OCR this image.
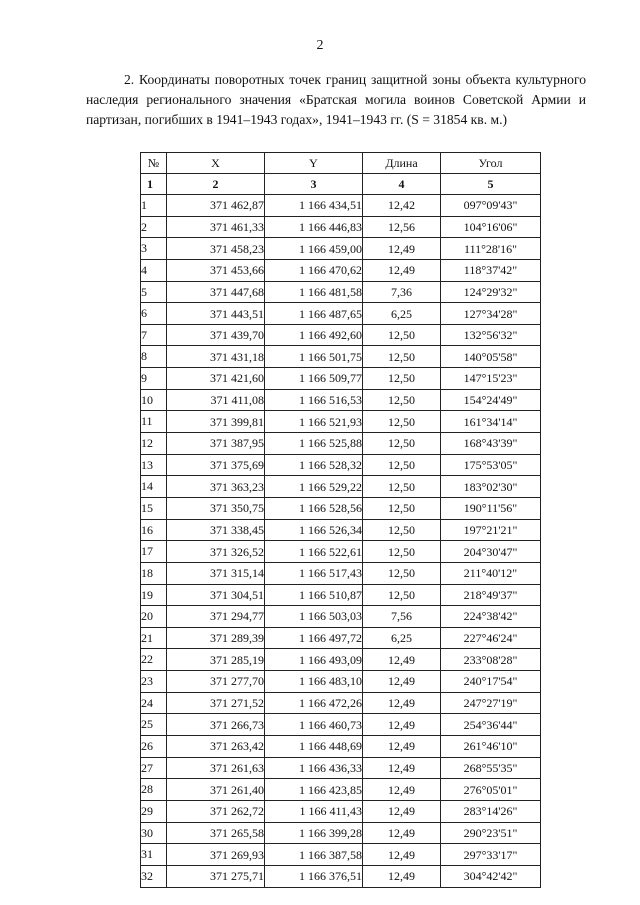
2

2. Координаты поворотных точек границ защитной зоны объекта культурного наследия регионального значения «Братская могила воинов Советской Армии и партизан, погибших в 1941–1943 годах», 1941–1943 гг. (S = 31854 кв. м.)

№	X	Y	Длина	Угол
1	2	3	4	5
1	371 462,87	1 166 434,51	12,42	097°09'43"
2	371 461,33	1 166 446,83	12,56	104°16'06"
3	371 458,23	1 166 459,00	12,49	111°28'16"
4	371 453,66	1 166 470,62	12,49	118°37'42"
5	371 447,68	1 166 481,58	7,36	124°29'32"
6	371 443,51	1 166 487,65	6,25	127°34'28"
7	371 439,70	1 166 492,60	12,50	132°56'32"
8	371 431,18	1 166 501,75	12,50	140°05'58"
9	371 421,60	1 166 509,77	12,50	147°15'23"
10	371 411,08	1 166 516,53	12,50	154°24'49"
11	371 399,81	1 166 521,93	12,50	161°34'14"
12	371 387,95	1 166 525,88	12,50	168°43'39"
13	371 375,69	1 166 528,32	12,50	175°53'05"
14	371 363,23	1 166 529,22	12,50	183°02'30"
15	371 350,75	1 166 528,56	12,50	190°11'56"
16	371 338,45	1 166 526,34	12,50	197°21'21"
17	371 326,52	1 166 522,61	12,50	204°30'47"
18	371 315,14	1 166 517,43	12,50	211°40'12"
19	371 304,51	1 166 510,87	12,50	218°49'37"
20	371 294,77	1 166 503,03	7,56	224°38'42"
21	371 289,39	1 166 497,72	6,25	227°46'24"
22	371 285,19	1 166 493,09	12,49	233°08'28"
23	371 277,70	1 166 483,10	12,49	240°17'54"
24	371 271,52	1 166 472,26	12,49	247°27'19"
25	371 266,73	1 166 460,73	12,49	254°36'44"
26	371 263,42	1 166 448,69	12,49	261°46'10"
27	371 261,63	1 166 436,33	12,49	268°55'35"
28	371 261,40	1 166 423,85	12,49	276°05'01"
29	371 262,72	1 166 411,43	12,49	283°14'26"
30	371 265,58	1 166 399,28	12,49	290°23'51"
31	371 269,93	1 166 387,58	12,49	297°33'17"
32	371 275,71	1 166 376,51	12,49	304°42'42"
